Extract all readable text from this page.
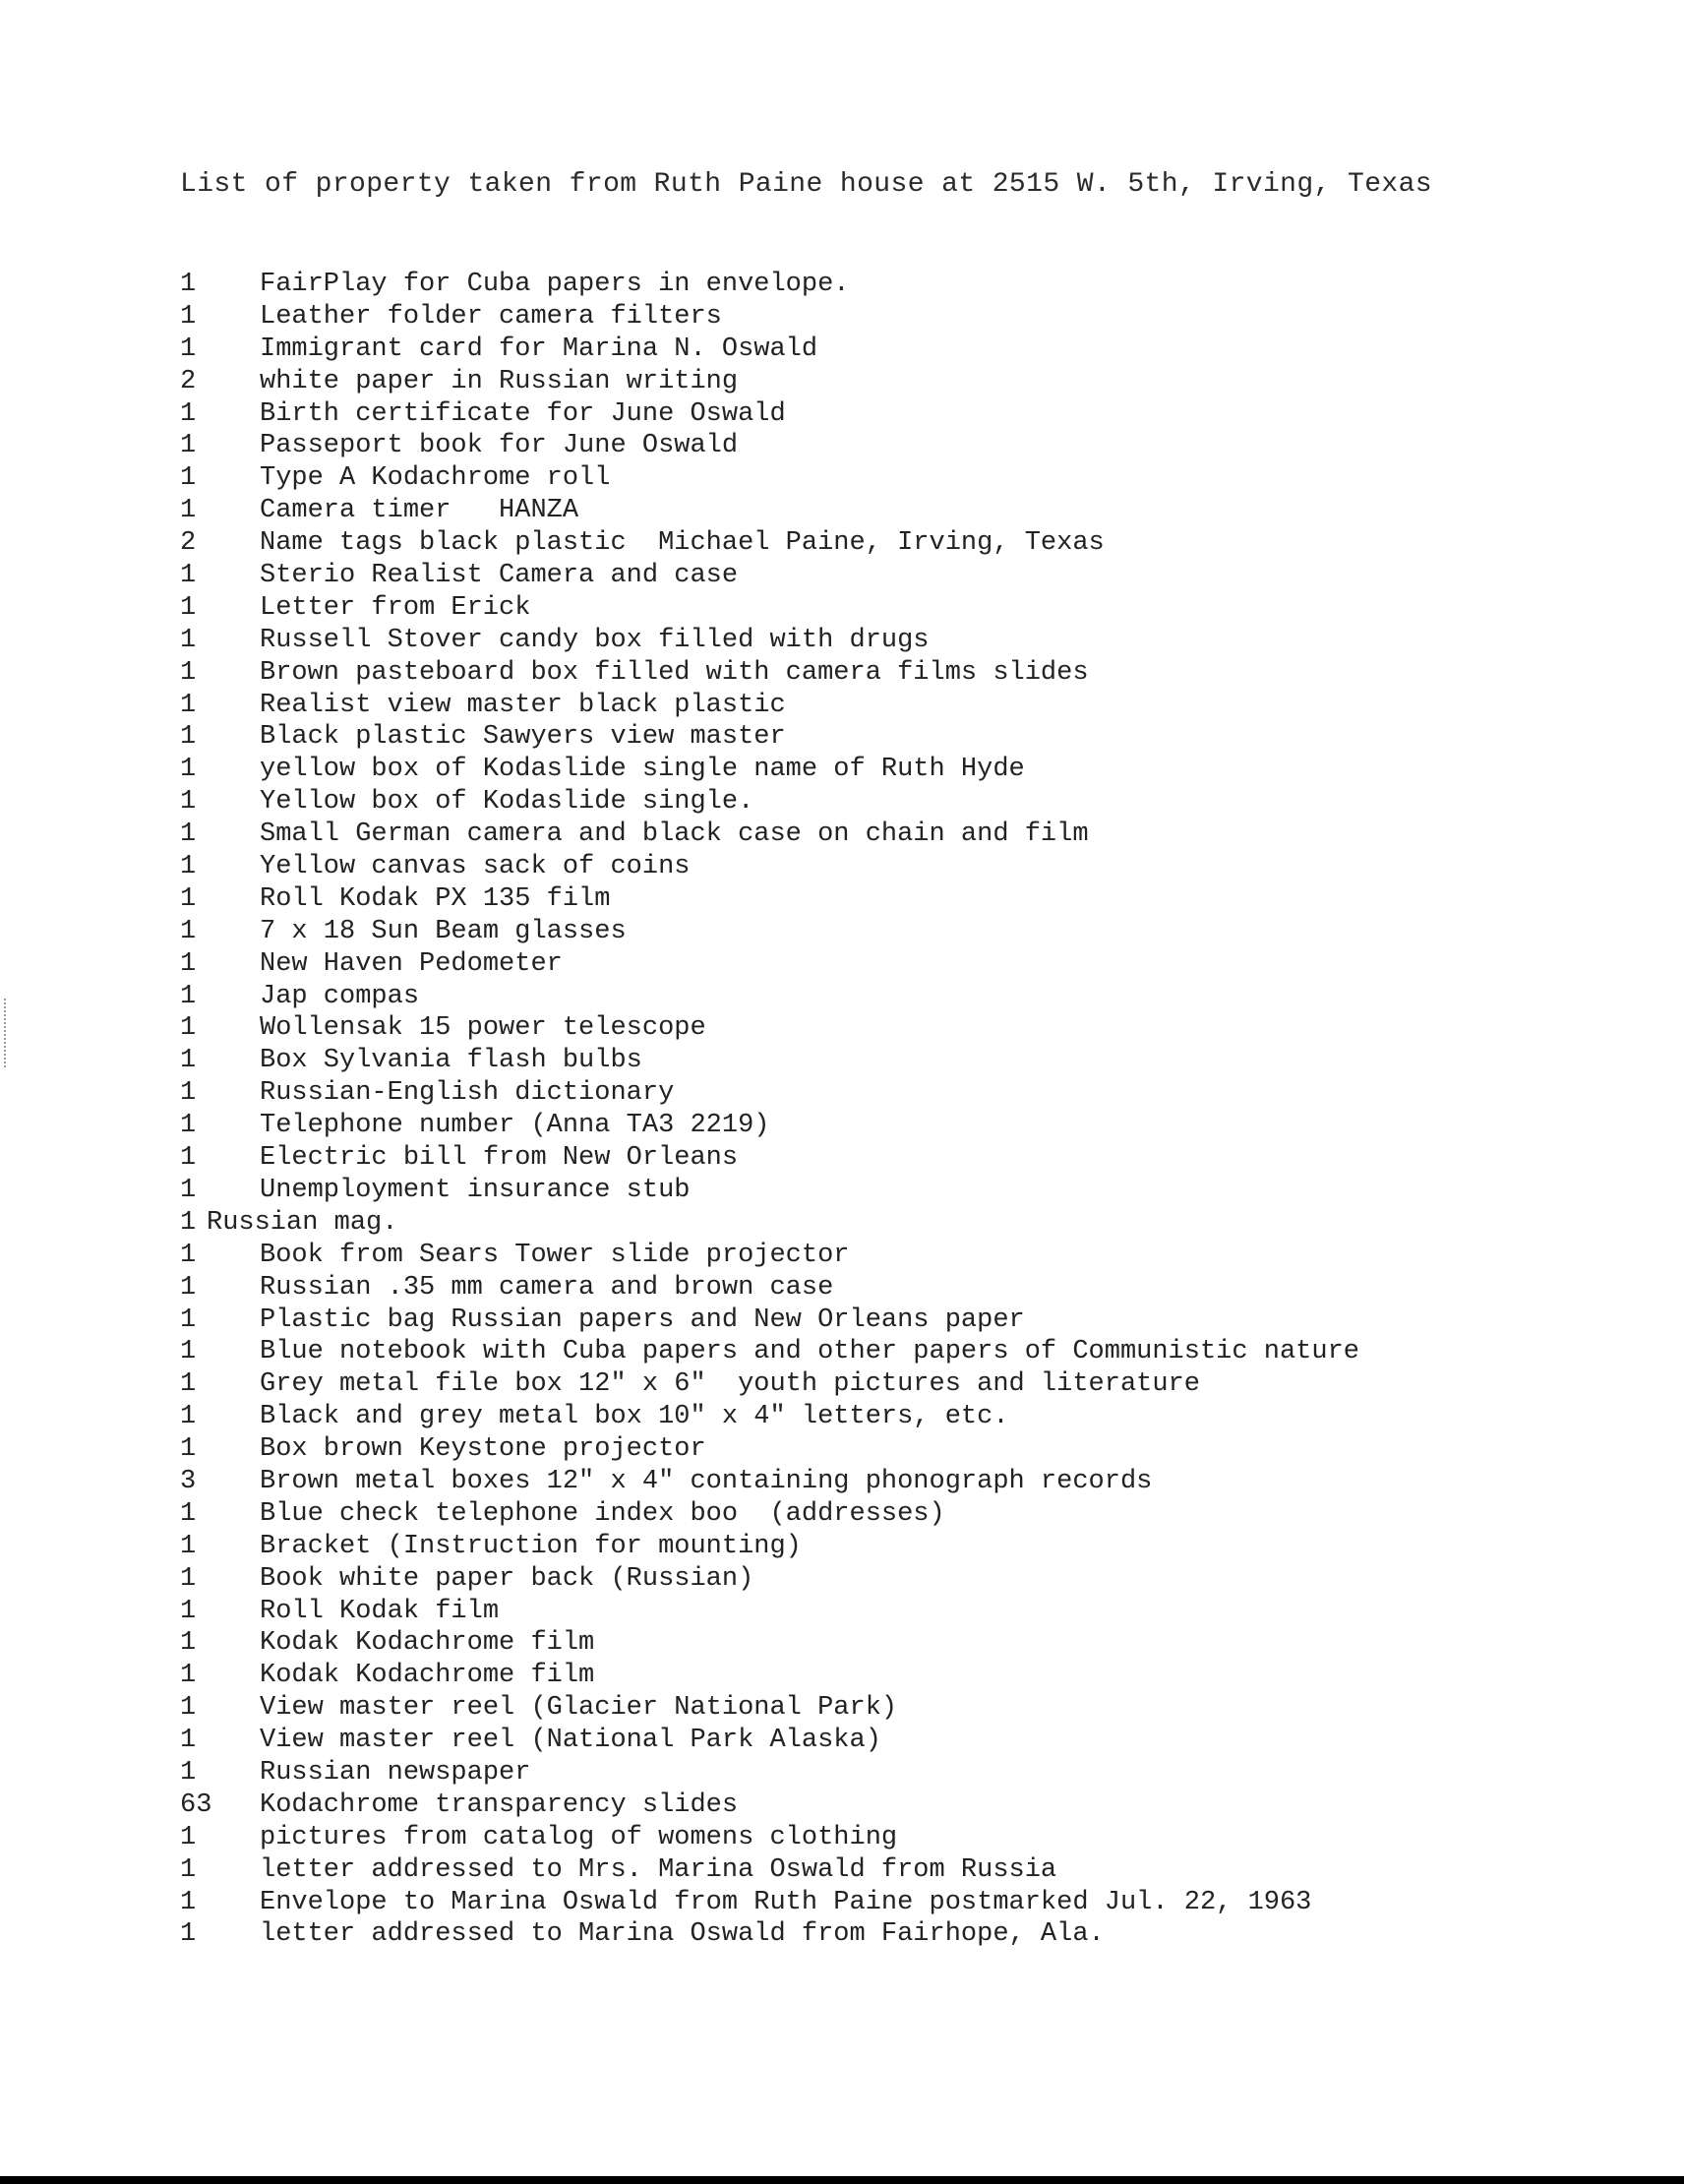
List of property taken from Ruth Paine house at 2515 W. 5th, Irving, Texas
1 FairPlay for Cuba papers in envelope.
1 Leather folder camera filters
1 Immigrant card for Marina N. Oswald
2 white paper in Russian writing
1 Birth certificate for June Oswald
1 Passeport book for June Oswald
1 Type A Kodachrome roll
1 Camera timer   HANZA
2 Name tags black plastic  Michael Paine, Irving, Texas
1 Sterio Realist Camera and case
1 Letter from Erick
1 Russell Stover candy box filled with drugs
1 Brown pasteboard box filled with camera films slides
1 Realist view master black plastic
1 Black plastic Sawyers view master
1 yellow box of Kodaslide single name of Ruth Hyde
1 Yellow box of Kodaslide single.
1 Small German camera and black case on chain and film
1 Yellow canvas sack of coins
1 Roll Kodak PX 135 film
1 7 x 18 Sun Beam glasses
1 New Haven Pedometer
1 Jap compas
1 Wollensak 15 power telescope
1 Box Sylvania flash bulbs
1 Russian-English dictionary
1 Telephone number (Anna TA3 2219)
1 Electric bill from New Orleans
1 Unemployment insurance stub
1 Russian mag.
1 Book from Sears Tower slide projector
1 Russian .35 mm camera and brown case
1 Plastic bag Russian papers and New Orleans paper
1 Blue notebook with Cuba papers and other papers of Communistic nature
1 Grey metal file box 12" x 6"  youth pictures and literature
1 Black and grey metal box 10" x 4" letters, etc.
1 Box brown Keystone projector
3 Brown metal boxes 12" x 4" containing phonograph records
1 Blue check telephone index boo  (addresses)
1 Bracket (Instruction for mounting)
1 Book white paper back (Russian)
1 Roll Kodak film
1 Kodak Kodachrome film
1 Kodak Kodachrome film
1 View master reel (Glacier National Park)
1 View master reel (National Park Alaska)
1 Russian newspaper
63 Kodachrome transparency slides
1 pictures from catalog of womens clothing
1 letter addressed to Mrs. Marina Oswald from Russia
1 Envelope to Marina Oswald from Ruth Paine postmarked Jul. 22, 1963
1 letter addressed to Marina Oswald from Fairhope, Ala.
